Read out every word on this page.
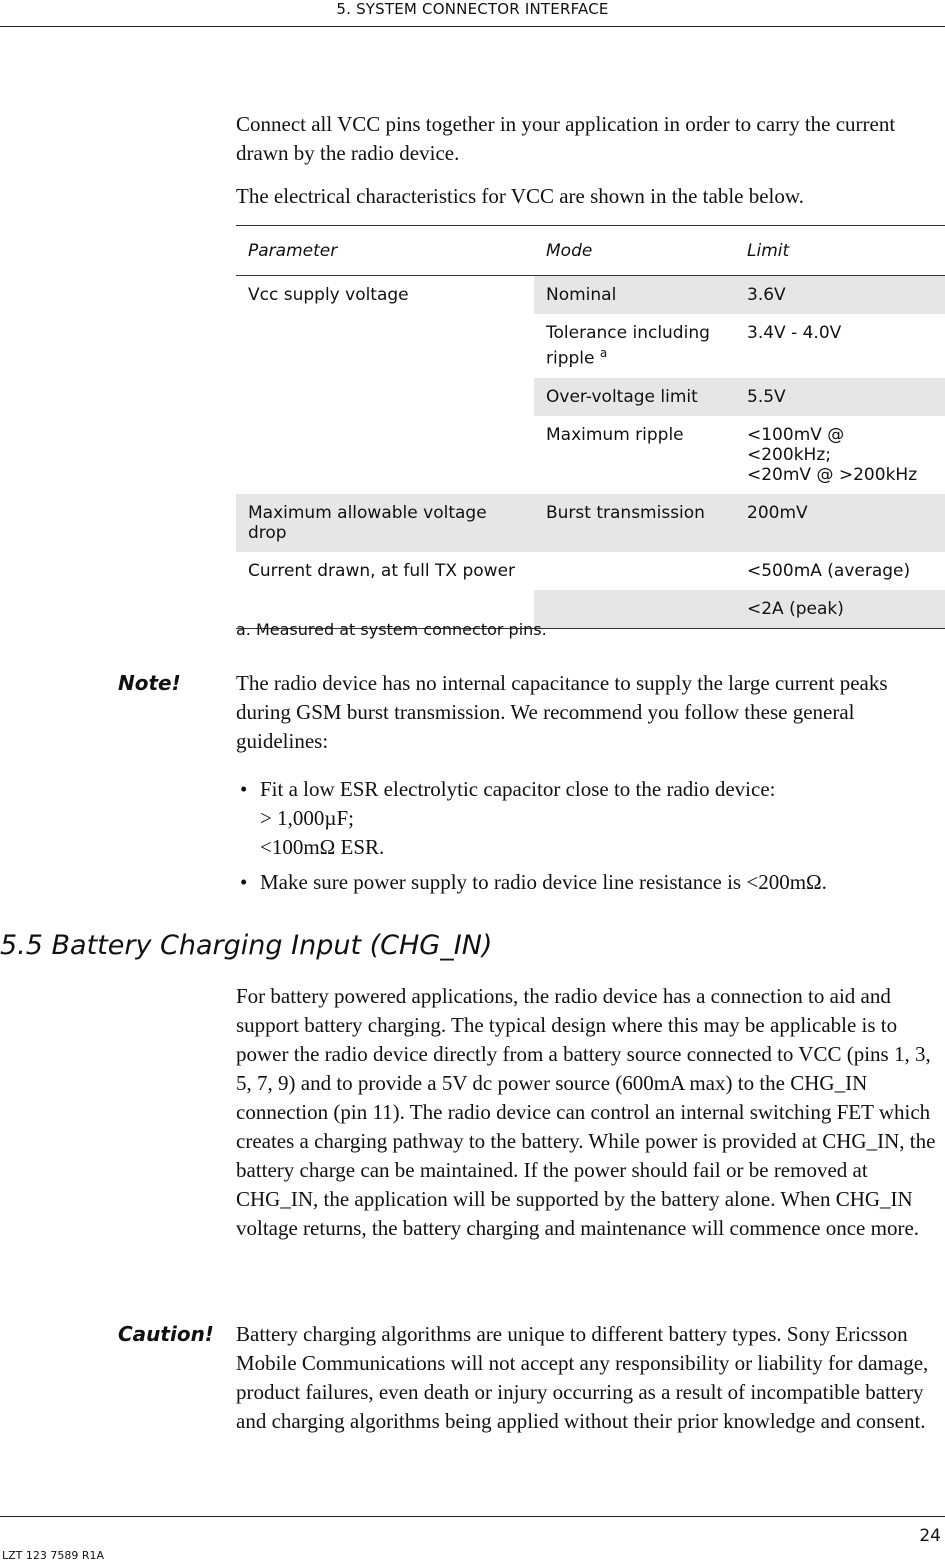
5. SYSTEM CONNECTOR INTERFACE

Connect all VCC pins together in your application in order to carry the current drawn by the radio device.

The electrical characteristics for VCC are shown in the table below.

Parameter	Mode	Limit
Vcc supply voltage	Nominal	3.6V
	Tolerance including ripple $^a$	3.4V - 4.0V
	Over-voltage limit	5.5V
	Maximum ripple	<100mV @ <200kHz;
<20mV @ >200kHz

Maximum allowable voltage drop	Burst transmission	200mV
Current drawn, at full TX power		<500mA (average)
		<2A (peak)
a. Measured at system connector pins.
Note!	The radio device has no internal capacitance to supply the large current peaks during GSM burst transmission. We recommend you follow these general guidelines:

• Fit a low ESR electrolytic capacitor close to the radio device:
> 1,000µF;
<100mΩ ESR.
• Make sure power supply to radio device line resistance is <200mΩ.
5.5 Battery Charging Input (CHG_IN)

For battery powered applications, the radio device has a connection to aid and support battery charging. The typical design where this may be applicable is to power the radio device directly from a battery source connected to VCC (pins 1, 3, 5, 7, 9) and to provide a 5V dc power source (600mA max) to the CHG_IN connection (pin 11). The radio device can control an internal switching FET which creates a charging pathway to the battery. While power is provided at CHG_IN, the battery charge can be maintained. If the power should fail or be removed at CHG_IN, the application will be supported by the battery alone. When CHG_IN voltage returns, the battery charging and maintenance will commence once more.

Caution! Battery charging algorithms are unique to different battery types. Sony Ericsson Mobile Communications will not accept any responsibility or liability for damage, product failures, even death or injury occurring as a result of incompatible battery and charging algorithms being applied without their prior knowledge and consent.

24
LZT 123 7589 R1A
